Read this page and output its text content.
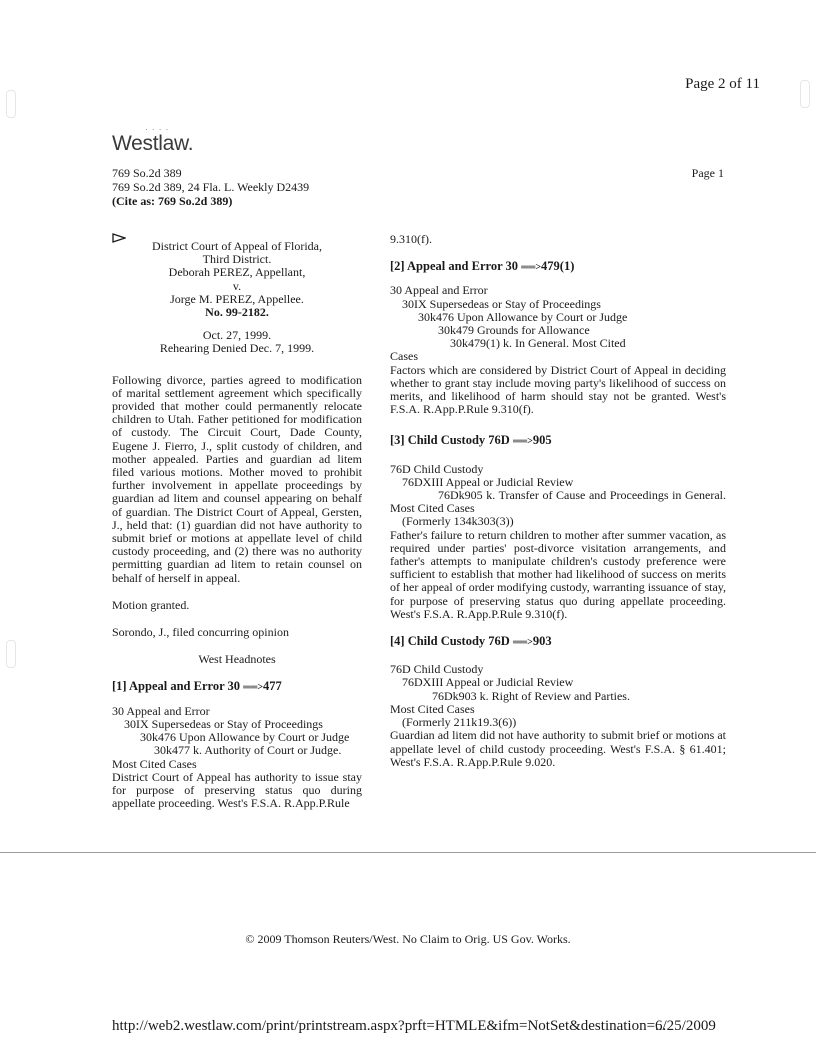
Page 2 of 11
· · · ·
Westlaw.
769 So.2d 389
769 So.2d 389, 24 Fla. L. Weekly D2439
(Cite as: 769 So.2d 389)
Page 1
District Court of Appeal of Florida,
Third District.
Deborah PEREZ, Appellant,
v.
Jorge M. PEREZ, Appellee.
No. 99-2182.
Oct. 27, 1999.
Rehearing Denied Dec. 7, 1999.

Following divorce, parties agreed to modification of marital settlement agreement which specifically provided that mother could permanently relocate children to Utah. Father petitioned for modification of custody. The Circuit Court, Dade County, Eugene J. Fierro, J., split custody of children, and mother appealed. Parties and guardian ad litem filed various motions. Mother moved to prohibit further involvement in appellate proceedings by guardian ad litem and counsel appearing on behalf of guardian. The District Court of Appeal, Gersten, J., held that: (1) guardian did not have authority to submit brief or motions at appellate level of child custody proceeding, and (2) there was no authority permitting guardian ad litem to retain counsel on behalf of herself in appeal.

Motion granted.

Sorondo, J., filed concurring opinion

West Headnotes

[1] Appeal and Error 30 ══>477

30 Appeal and Error

30IX Supersedeas or Stay of Proceedings

30k476 Upon Allowance by Court or Judge

30k477 k. Authority of Court or Judge.

Most Cited Cases

District Court of Appeal has authority to issue stay for purpose of preserving status quo during appellate proceeding. West's F.S.A. R.App.P.Rule

9.310(f).

[2] Appeal and Error 30 ══>479(1)

30 Appeal and Error

30IX Supersedeas or Stay of Proceedings

30k476 Upon Allowance by Court or Judge

30k479 Grounds for Allowance

30k479(1) k. In General. Most Cited

Cases

Factors which are considered by District Court of Appeal in deciding whether to grant stay include moving party's likelihood of success on merits, and likelihood of harm should stay not be granted. West's F.S.A. R.App.P.Rule 9.310(f).

[3] Child Custody 76D ══>905

76D Child Custody

76DXIII Appeal or Judicial Review

76Dk905 k. Transfer of Cause and Proceedings in General. Most Cited Cases

(Formerly 134k303(3))

Father's failure to return children to mother after summer vacation, as required under parties' post-divorce visitation arrangements, and father's attempts to manipulate children's custody preference were sufficient to establish that mother had likelihood of success on merits of her appeal of order modifying custody, warranting issuance of stay, for purpose of preserving status quo during appellate proceeding. West's F.S.A. R.App.P.Rule 9.310(f).

[4] Child Custody 76D ══>903

76D Child Custody

76DXIII Appeal or Judicial Review

76Dk903 k. Right of Review and Parties.

Most Cited Cases

(Formerly 211k19.3(6))

Guardian ad litem did not have authority to submit brief or motions at appellate level of child custody proceeding. West's F.S.A. § 61.401; West's F.S.A. R.App.P.Rule 9.020.

© 2009 Thomson Reuters/West. No Claim to Orig. US Gov. Works.
http://web2.westlaw.com/print/printstream.aspx?prft=HTMLE&ifm=NotSet&destination=...
6/25/2009
